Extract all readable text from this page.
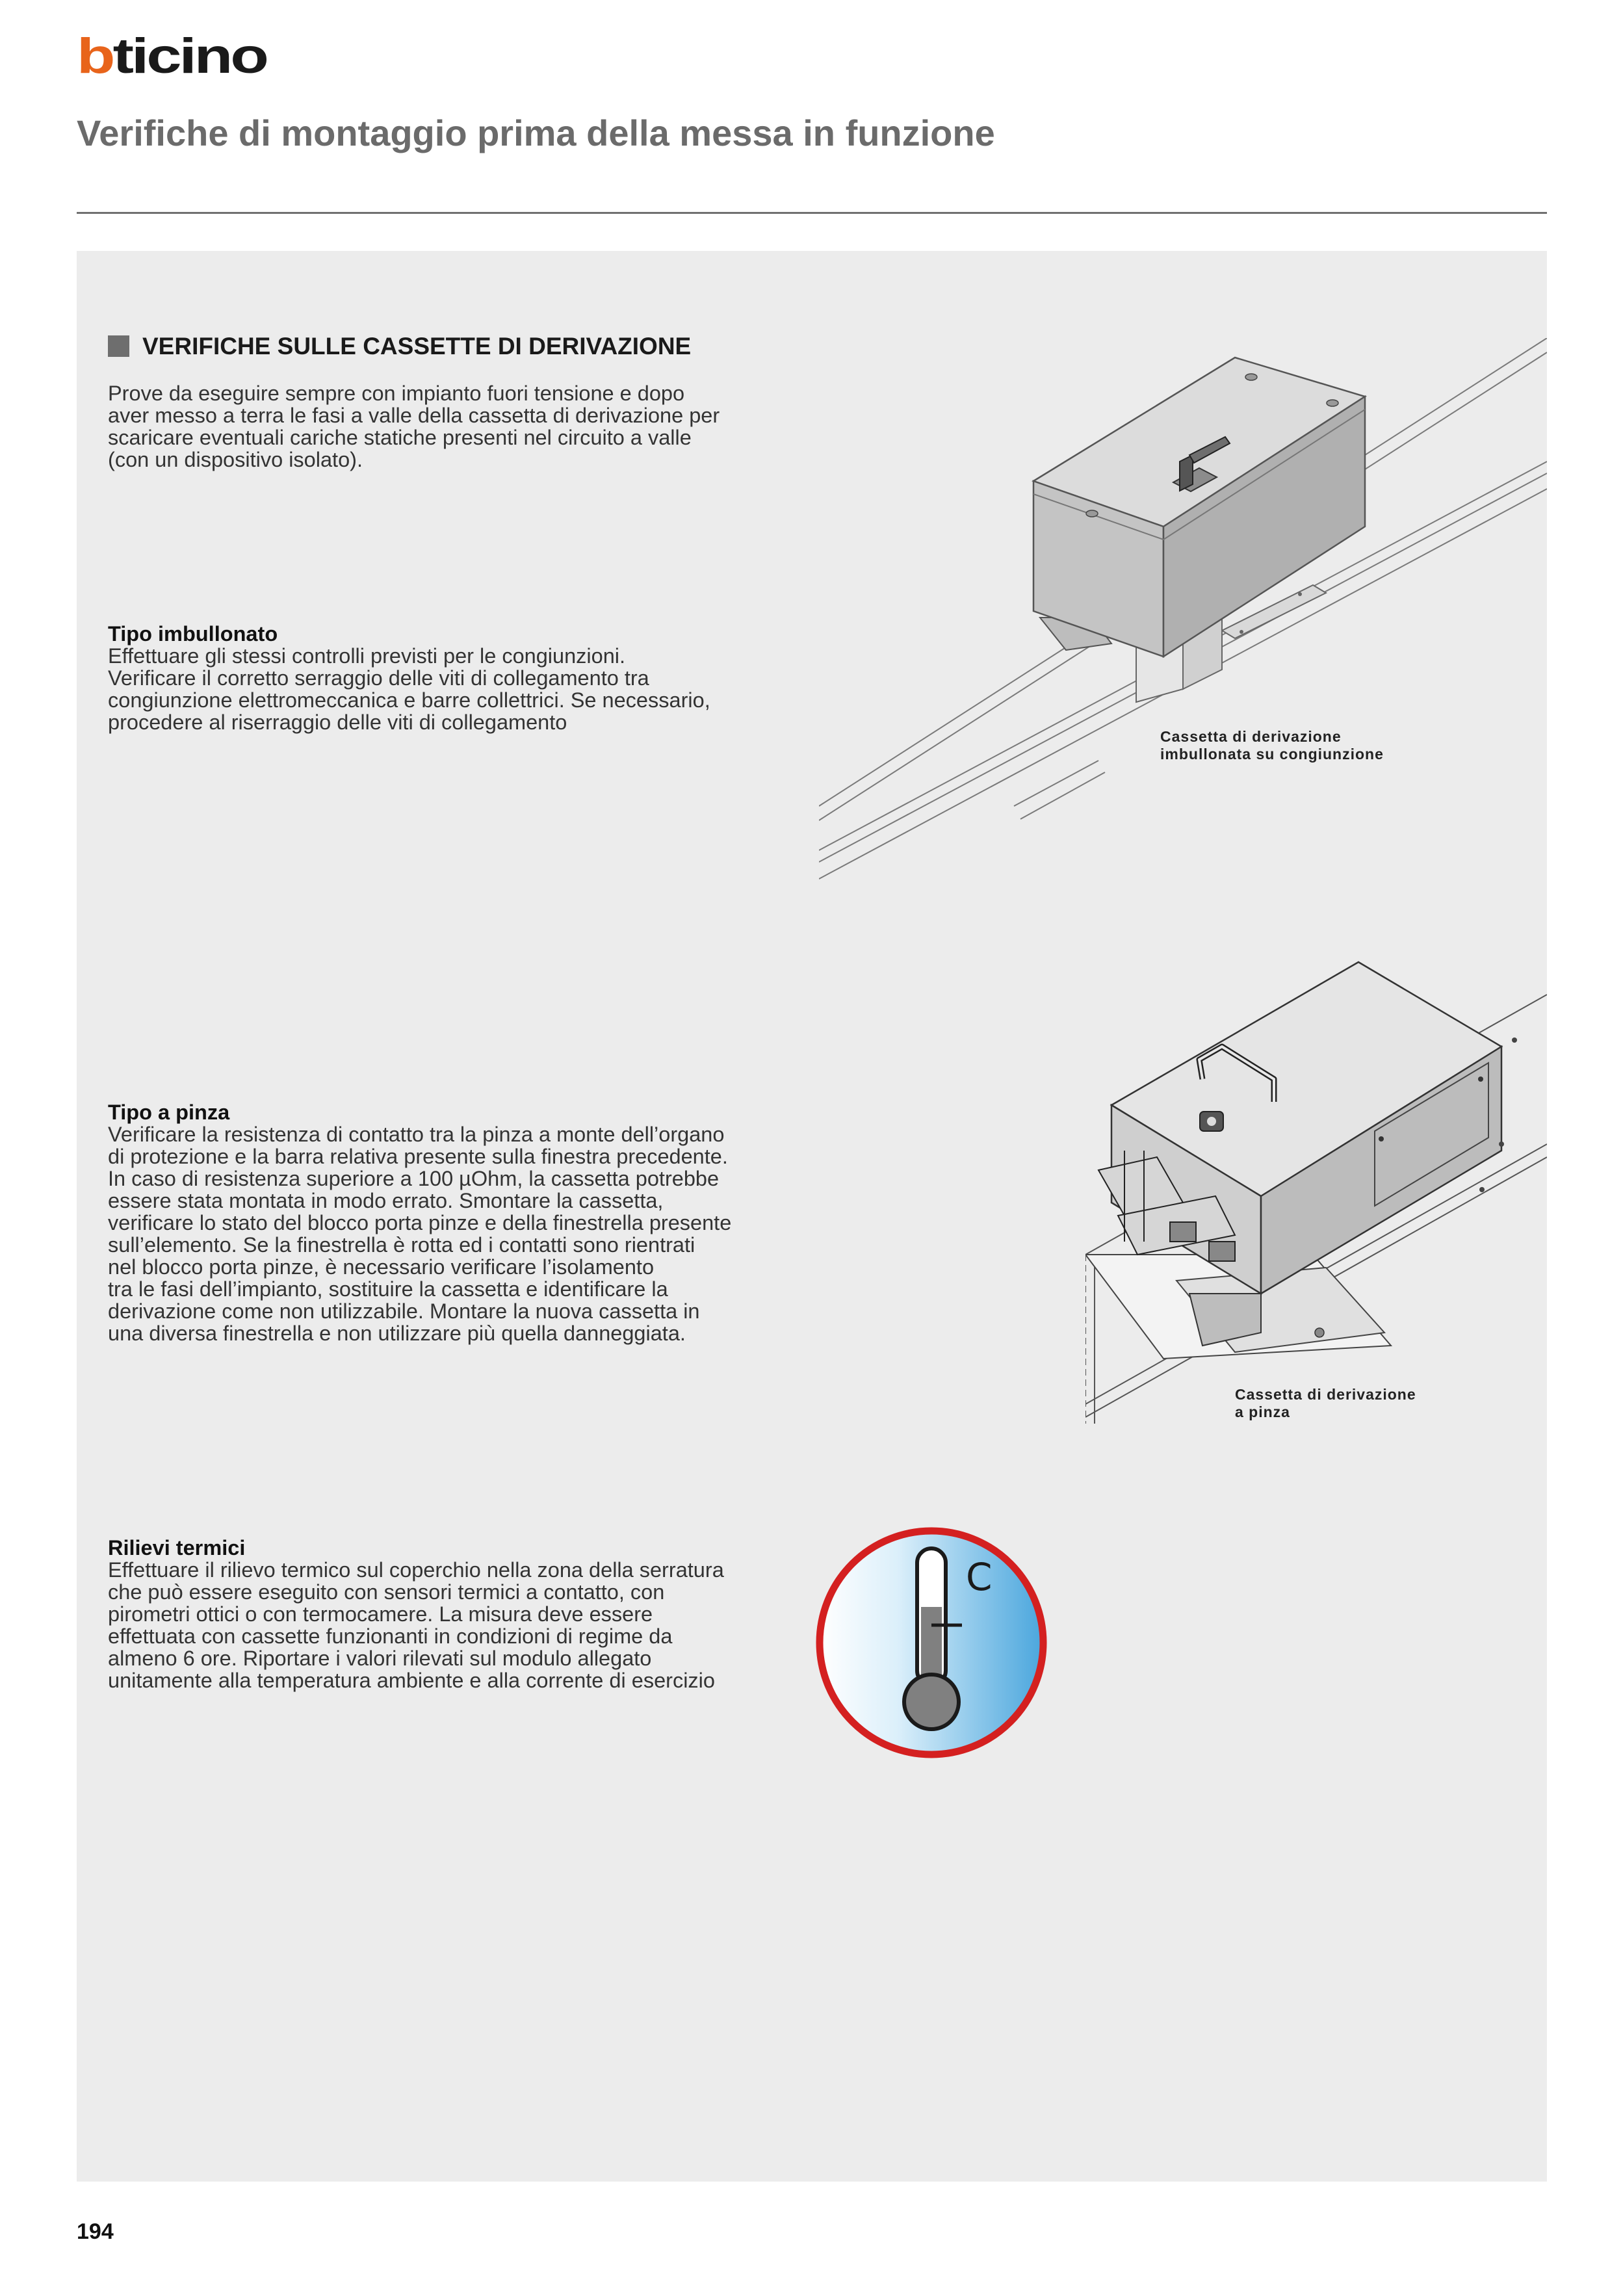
b ticino
Verifiche di montaggio prima della messa in funzione
VERIFICHE SULLE CASSETTE DI DERIVAZIONE

Prove da eseguire sempre con impianto fuori tensione e dopo

aver messo a terra le fasi a valle della cassetta di derivazione per

scaricare eventuali cariche statiche presenti nel circuito a valle

(con un dispositivo isolato).

Tipo imbullonato

Effettuare gli stessi controlli previsti per le congiunzioni.

Verificare il corretto serraggio delle viti di collegamento tra

congiunzione elettromeccanica e barre collettrici. Se necessario,

procedere al riserraggio delle viti di collegamento

Tipo a pinza

Verificare la resistenza di contatto tra la pinza a monte dell’organo

di protezione e la barra relativa presente sulla finestra precedente.

In caso di resistenza superiore a 100 µOhm, la cassetta potrebbe

essere stata montata in modo errato. Smontare la cassetta,

verificare lo stato del blocco porta pinze e della finestrella presente

sull’elemento. Se la finestrella è rotta ed i contatti sono rientrati

nel blocco porta pinze, è necessario verificare l’isolamento

tra le fasi dell’impianto, sostituire la cassetta e identificare la

derivazione come non utilizzabile. Montare la nuova cassetta in

una diversa finestrella e non utilizzare più quella danneggiata.

Rilievi termici

Effettuare il rilievo termico sul coperchio nella zona della serratura

che può essere eseguito con sensori termici a contatto, con

pirometri ottici o con termocamere. La misura deve essere

effettuata con cassette funzionanti in condizioni di regime da

almeno 6 ore. Riportare i valori rilevati sul modulo allegato

unitamente alla temperatura ambiente e alla corrente di esercizio

Cassetta di derivazione

imbullonata su congiunzione

Cassetta di derivazione

a pinza

C
194
